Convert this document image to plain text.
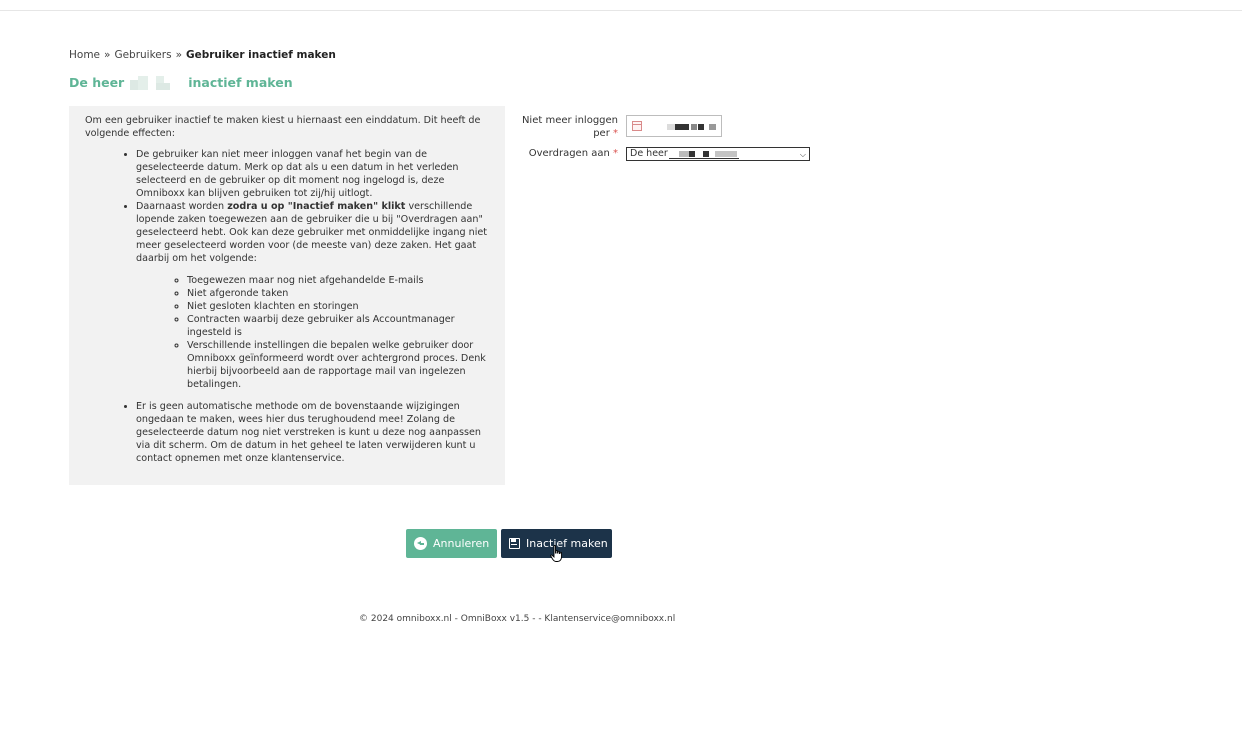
Home » Gebruikers » Gebruiker inactief maken
De heer	inactief maken

Om een gebruiker inactief te maken kiest u hiernaast een einddatum. Dit heeft de volgende effecten:

• De gebruiker kan niet meer inloggen vanaf het begin van de geselecteerde datum. Merk op dat als u een datum in het verleden selecteerd en de gebruiker op dit moment nog ingelogd is, deze Omniboxx kan blijven gebruiken tot zij/hij uitlogt.
• Daarnaast worden zodra u op "Inactief maken" klikt verschillende lopende zaken toegewezen aan de gebruiker die u bij "Overdragen aan" geselecteerd hebt. Ook kan deze gebruiker met onmiddelijke ingang niet meer geselecteerd worden voor (de meeste van) deze zaken. Het gaat daarbij om het volgende:
◦ Toegewezen maar nog niet afgehandelde E-mails
◦ Niet afgeronde taken
◦ Niet gesloten klachten en storingen
◦ Contracten waarbij deze gebruiker als Accountmanager ingesteld is
◦ Verschillende instellingen die bepalen welke gebruiker door Omniboxx geïnformeerd wordt over achtergrond proces. Denk hierbij bijvoorbeeld aan de rapportage mail van ingelezen betalingen.
• Er is geen automatische methode om de bovenstaande wijzigingen ongedaan te maken, wees hier dus terughoudend mee! Zolang de geselecteerde datum nog niet verstreken is kunt u deze nog aanpassen via dit scherm. Om de datum in het geheel te laten verwijderen kunt u contact opnemen met onze klantenservice.
Niet meer inloggen per *
Overdragen aan *	De heer	⌵
Annuleren	Inactief maken
© 2024 omniboxx.nl - OmniBoxx v1.5 - - Klantenservice@omniboxx.nl
